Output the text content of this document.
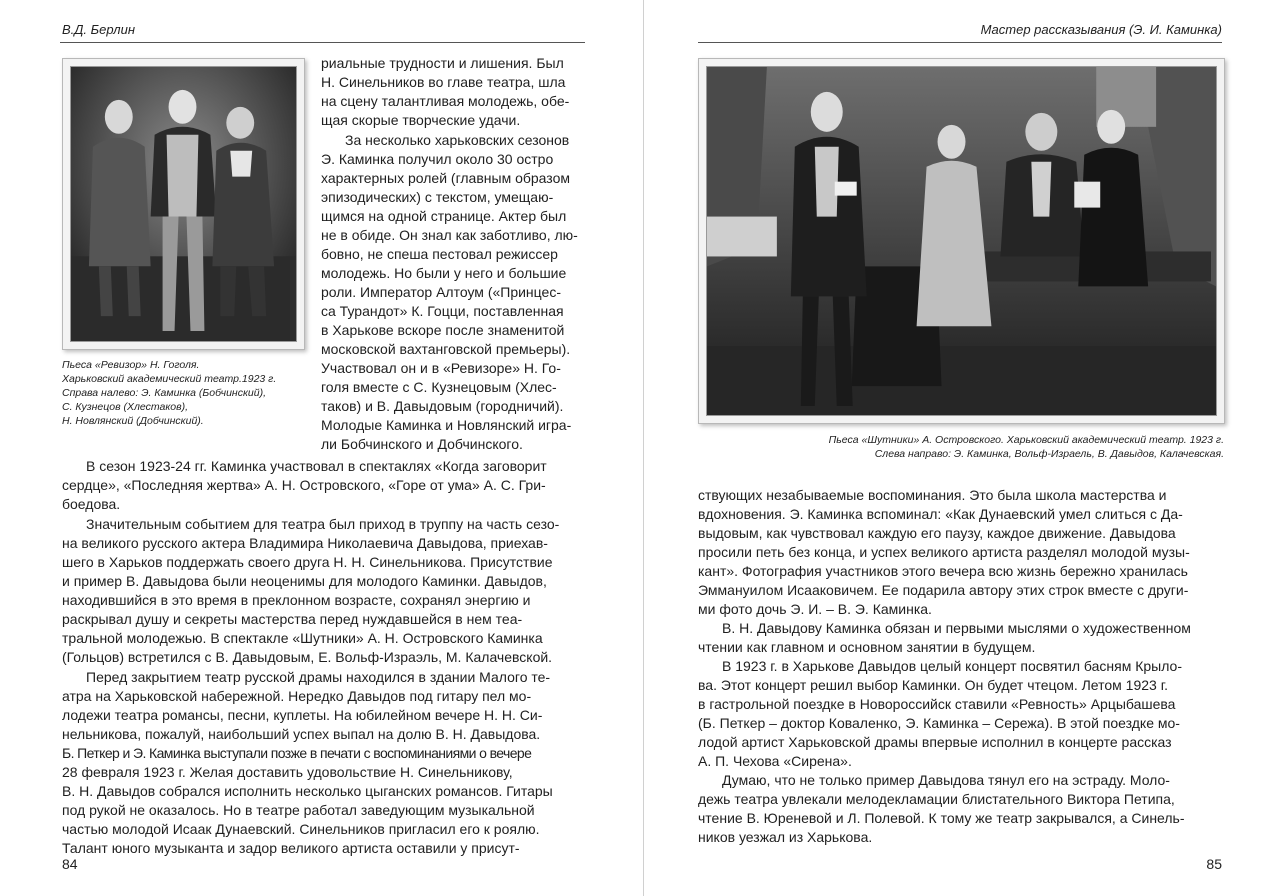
В.Д. Берлин
Пьеса «Ревизор» Н. Гоголя.
Харьковский академический театр.1923 г.
Справа налево: Э. Каминка (Бобчинский),
С. Кузнецов (Хлестаков),
Н. Новлянский (Добчинский).
риальные трудности и лишения. Был
Н. Синельников во главе театра, шла
на сцену талантливая молодежь, обе-
щая скорые творческие удачи.
За несколько харьковских сезонов
Э. Каминка получил около 30 остро
характерных ролей (главным образом
эпизодических) с текстом, умещаю-
щимся на одной странице. Актер был
не в обиде. Он знал как заботливо, лю-
бовно, не спеша пестовал режиссер
молодежь. Но были у него и большие
роли. Император Алтоум («Принцес-
са Турандот» К. Гоцци, поставленная
в Харькове вскоре после знаменитой
московской вахтанговской премьеры).
Участвовал он и в «Ревизоре» Н. Го-
голя вместе с С. Кузнецовым (Хлес-
таков) и В. Давыдовым (городничий).
Молодые Каминка и Новлянский игра-
ли Бобчинского и Добчинского.
В сезон 1923-24 гг. Каминка участвовал в спектаклях «Когда заговорит
сердце», «Последняя жертва» А. Н. Островского, «Горе от ума» А. С. Гри-
боедова.
Значительным событием для театра был приход в труппу на часть сезо-
на великого русского актера Владимира Николаевича Давыдова, приехав-
шего в Харьков поддержать своего друга Н. Н. Синельникова. Присутствие
и пример В. Давыдова были неоценимы для молодого Каминки. Давыдов,
находившийся в это время в преклонном возрасте, сохранял энергию и
раскрывал душу и секреты мастерства перед нуждавшейся в нем теа-
тральной молодежью. В спектакле «Шутники» А. Н. Островского Каминка
(Гольцов) встретился с В. Давыдовым, Е. Вольф-Израэль, М. Калачевской.
Перед закрытием театр русской драмы находился в здании Малого те-
атра на Харьковской набережной. Нередко Давыдов под гитару пел мо-
лодежи театра романсы, песни, куплеты. На юбилейном вечере Н. Н. Си-
нельникова, пожалуй, наибольший успех выпал на долю В. Н. Давыдова.
Б. Петкер и Э. Каминка выступали позже в печати с воспоминаниями о вечере
28 февраля 1923 г. Желая доставить удовольствие Н. Синельникову,
В. Н. Давыдов собрался исполнить несколько цыганских романсов. Гитары
под рукой не оказалось. Но в театре работал заведующим музыкальной
частью молодой Исаак Дунаевский. Синельников пригласил его к роялю.
Талант юного музыканта и задор великого артиста оставили у присут-
84
Мастер рассказывания (Э. И. Каминка)
Пьеса «Шутники» А. Островского. Харьковский академический театр. 1923 г.
Слева направо: Э. Каминка, Вольф-Израель, В. Давыдов, Калачевская.
ствующих незабываемые воспоминания. Это была школа мастерства и
вдохновения. Э. Каминка вспоминал: «Как Дунаевский умел слиться с Да-
выдовым, как чувствовал каждую его паузу, каждое движение. Давыдова
просили петь без конца, и успех великого артиста разделял молодой музы-
кант». Фотография участников этого вечера всю жизнь бережно хранилась
Эммануилом Исааковичем. Ее подарила автору этих строк вместе с други-
ми фото дочь Э. И. – В. Э. Каминка.
В. Н. Давыдову Каминка обязан и первыми мыслями о художественном
чтении как главном и основном занятии в будущем.
В 1923 г. в Харькове Давыдов целый концерт посвятил басням Крыло-
ва. Этот концерт решил выбор Каминки. Он будет чтецом. Летом 1923 г.
в гастрольной поездке в Новороссийск ставили «Ревность» Арцыбашева
(Б. Петкер – доктор Коваленко, Э. Каминка – Сережа). В этой поездке мо-
лодой артист Харьковской драмы впервые исполнил в концерте рассказ
А. П. Чехова «Сирена».
Думаю, что не только пример Давыдова тянул его на эстраду. Моло-
дежь театра увлекали мелодекламации блистательного Виктора Петипа,
чтение В. Юреневой и Л. Полевой. К тому же театр закрывался, а Синель-
ников уезжал из Харькова.
85
